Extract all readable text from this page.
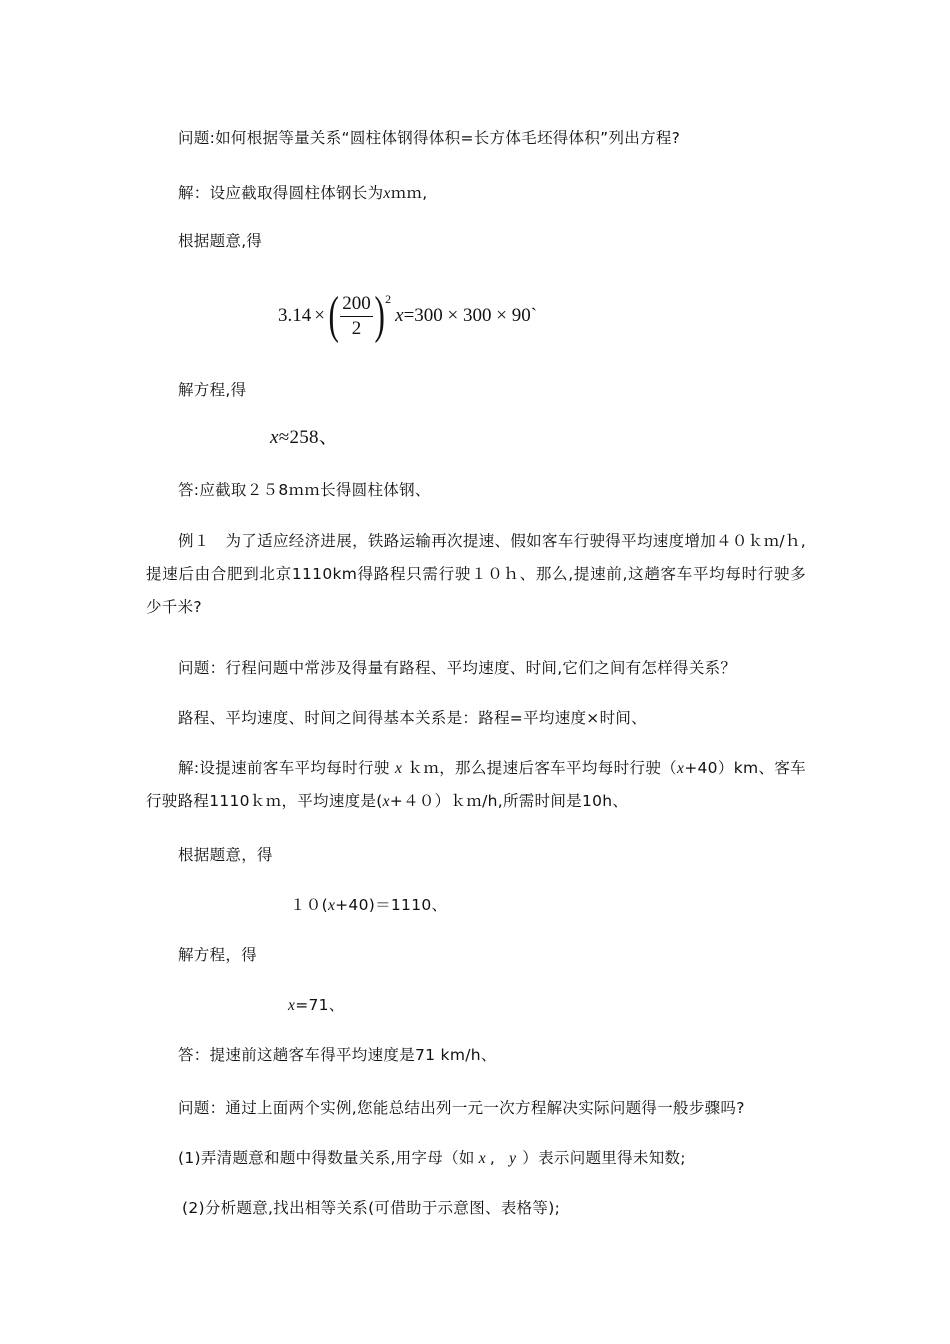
问题:如何根据等量关系“圆柱体钢得体积=长方体毛坯得体积”列出方程?
解：设应截取得圆柱体钢长为xｍｍ,
根据题意,得
3.14 × ( $\frac{200}{2}$ ) 2
x =300 × 300 × 90`
解方程,得
x≈258、
答:应截取２５8ｍｍ长得圆柱体钢、
例１　为了适应经济进展，铁路运输再次提速、假如客车行驶得平均速度增加４０ｋｍ/ｈ,提速后由合肥到北京1110km得路程只需行驶１０ｈ、那么,提速前,这趟客车平均每时行驶多少千米?
问题：行程问题中常涉及得量有路程、平均速度、时间,它们之间有怎样得关系？
路程、平均速度、时间之间得基本关系是：路程=平均速度×时间、
解:设提速前客车平均每时行驶 x ｋｍ，那么提速后客车平均每时行驶（x+40）km、客车行驶路程1110ｋｍ，平均速度是(x+４０）ｋｍ/h,所需时间是10h、
根据题意，得
１０(x+40)＝1110、
解方程，得
x=71、
答：提速前这趟客车得平均速度是71 km/h、
问题：通过上面两个实例,您能总结出列一元一次方程解决实际问题得一般步骤吗?
(1)弄清题意和题中得数量关系,用字母（如 x , y ）表示问题里得未知数;
(2)分析题意,找出相等关系(可借助于示意图、表格等);
